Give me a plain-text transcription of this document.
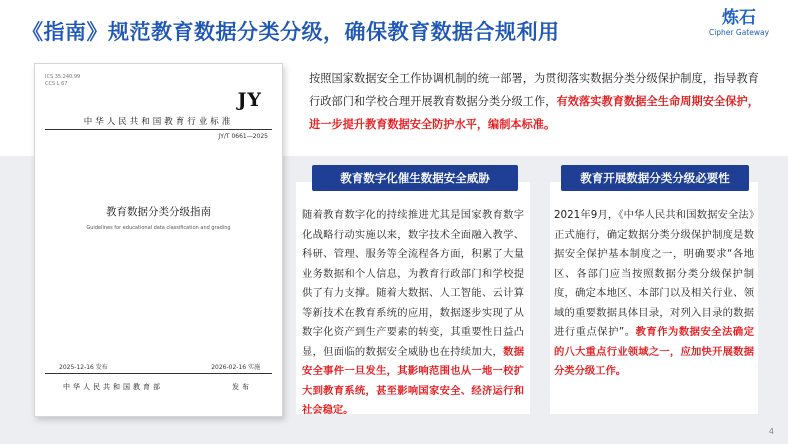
《指南》规范教育数据分类分级，确保教育数据合规利用
炼石
Cipher Gateway
ICS 35.240.99
CCS L 67
JY
中华人民共和国教育行业标准
JY/T 0661—2025
教育数据分类分级指南
Guidelines for educational data classification and grading
2025-12-16 发布	2026-02-16 实施
中华人民共和国教育部	发布
按照国家数据安全工作协调机制的统一部署，为贯彻落实数据分类分级保护制度，指导教育行政部门和学校合理开展教育数据分类分级工作，有效落实教育数据全生命周期安全保护，进一步提升教育数据安全防护水平，编制本标准。
教育数字化催生数据安全威胁	教育开展数据分类分级必要性
随着教育数字化的持续推进尤其是国家教育数字化战略行动实施以来，数字技术全面融入教学、科研、管理、服务等全流程各方面，积累了大量业务数据和个人信息，为教育行政部门和学校提供了有力支撑。随着大数据、人工智能、云计算等新技术在教育系统的应用，数据逐步实现了从数字化资产到生产要素的转变，其重要性日益凸显，但面临的数据安全威胁也在持续加大，数据安全事件一旦发生，其影响范围也从一地一校扩大到教育系统，甚至影响国家安全、经济运行和社会稳定。
2021年9月，《中华人民共和国数据安全法》正式施行，确定数据分类分级保护制度是数据安全保护基本制度之一，明确要求“各地区、各部门应当按照数据分类分级保护制度，确定本地区、本部门以及相关行业、领域的重要数据具体目录，对列入目录的数据进行重点保护”。教育作为数据安全法确定的八大重点行业领域之一，应加快开展数据分类分级工作。
4
